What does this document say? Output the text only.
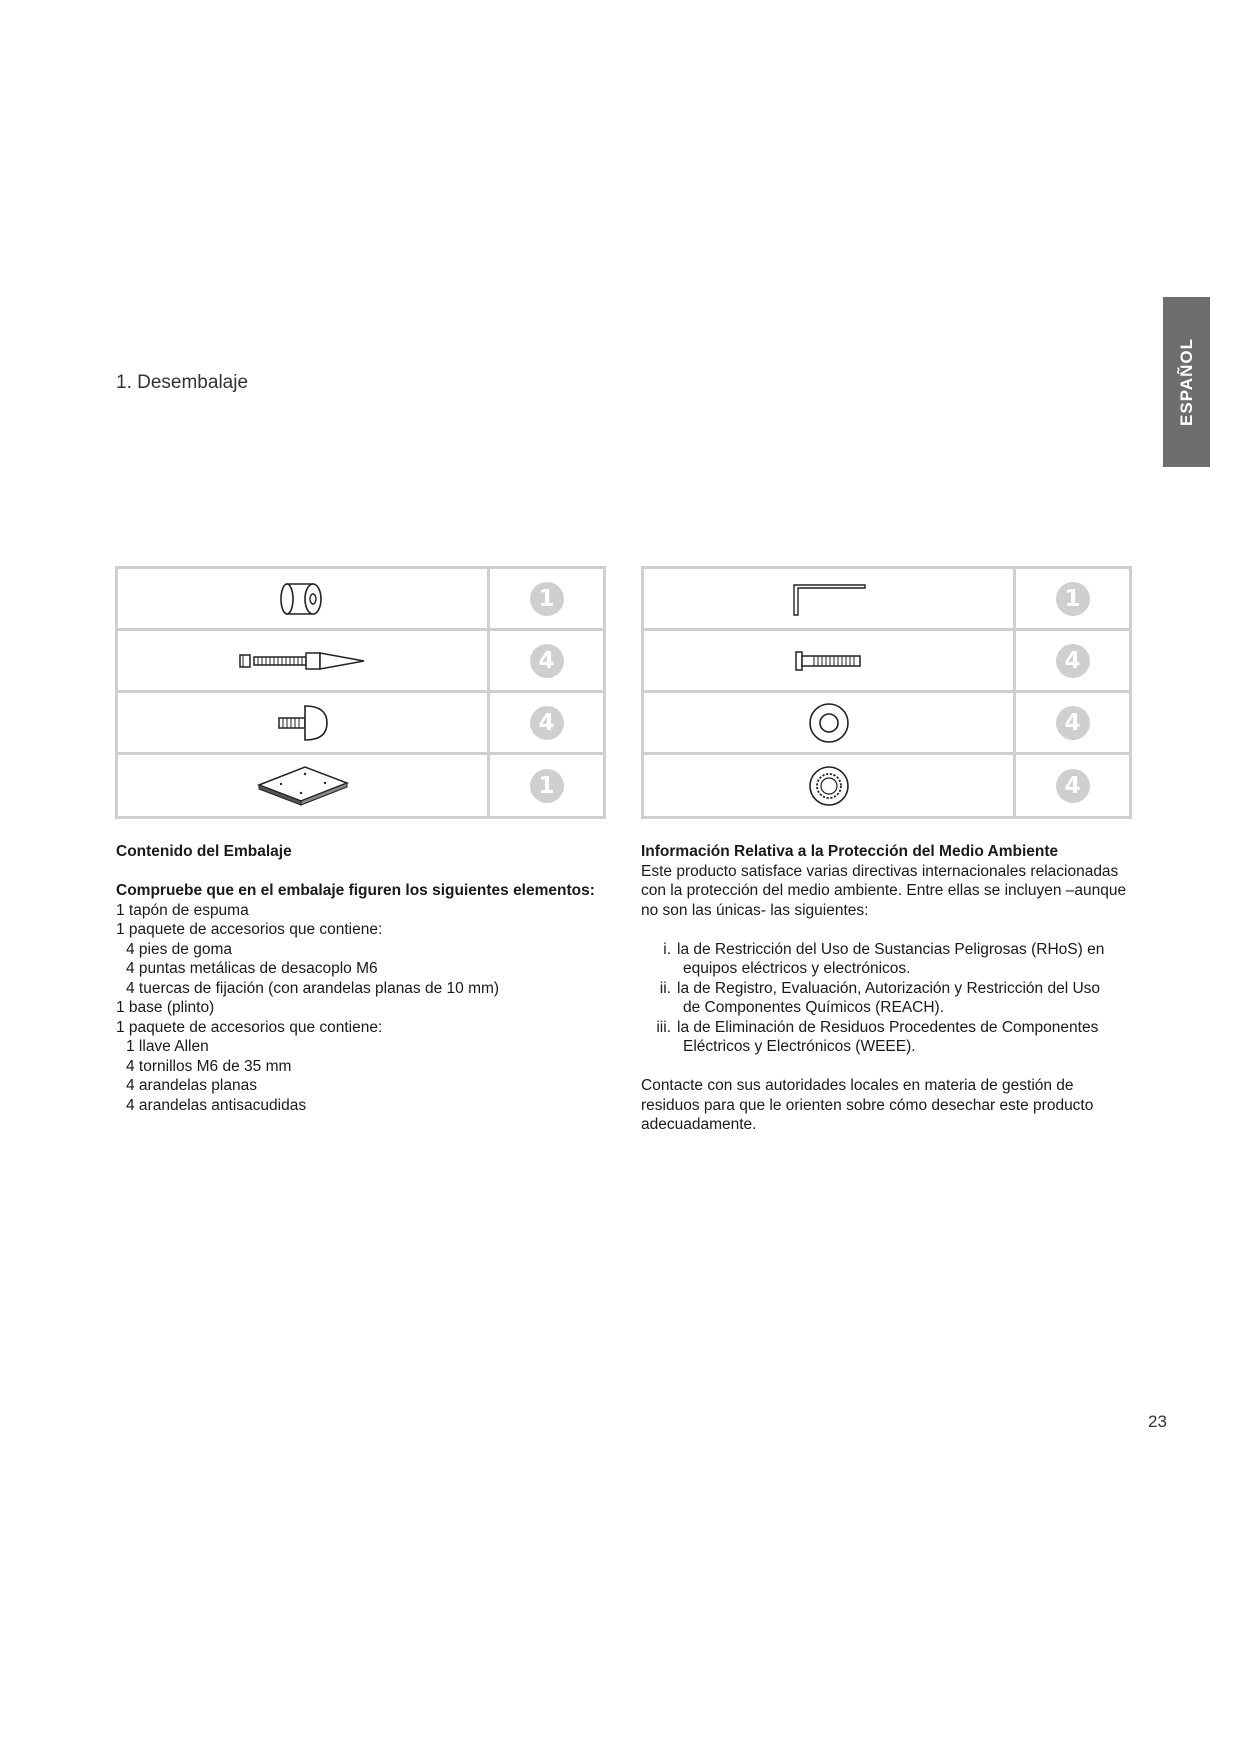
ESPAÑOL
1. Desembalaje
1
4
4
1
1
4
4
4

Contenido del Embalaje

Compruebe que en el embalaje figuren los siguientes elementos:

1 tapón de espuma

1 paquete de accesorios que contiene:

4 pies de goma

4 puntas metálicas de desacoplo M6

4 tuercas de fijación (con arandelas planas de 10 mm)

1 base (plinto)

1 paquete de accesorios que contiene:

1 llave Allen

4 tornillos M6 de 35 mm

4 arandelas planas

4 arandelas antisacudidas

Información Relativa a la Protección del Medio Ambiente

Este producto satisface varias directivas internacionales relacionadas con la protección del medio ambiente. Entre ellas se incluyen –aunque no son las únicas- las siguientes:

i. la de Restricción del Uso de Sustancias Peligrosas (RHoS) en
equipos eléctricos y electrónicos.
ii. la de Registro, Evaluación, Autorización y Restricción del Uso
de Componentes Químicos (REACH).
iii. la de Eliminación de Residuos Procedentes de Componentes
Eléctricos y Electrónicos (WEEE).

Contacte con sus autoridades locales en materia de gestión de residuos para que le orienten sobre cómo desechar este producto adecuadamente.

23
